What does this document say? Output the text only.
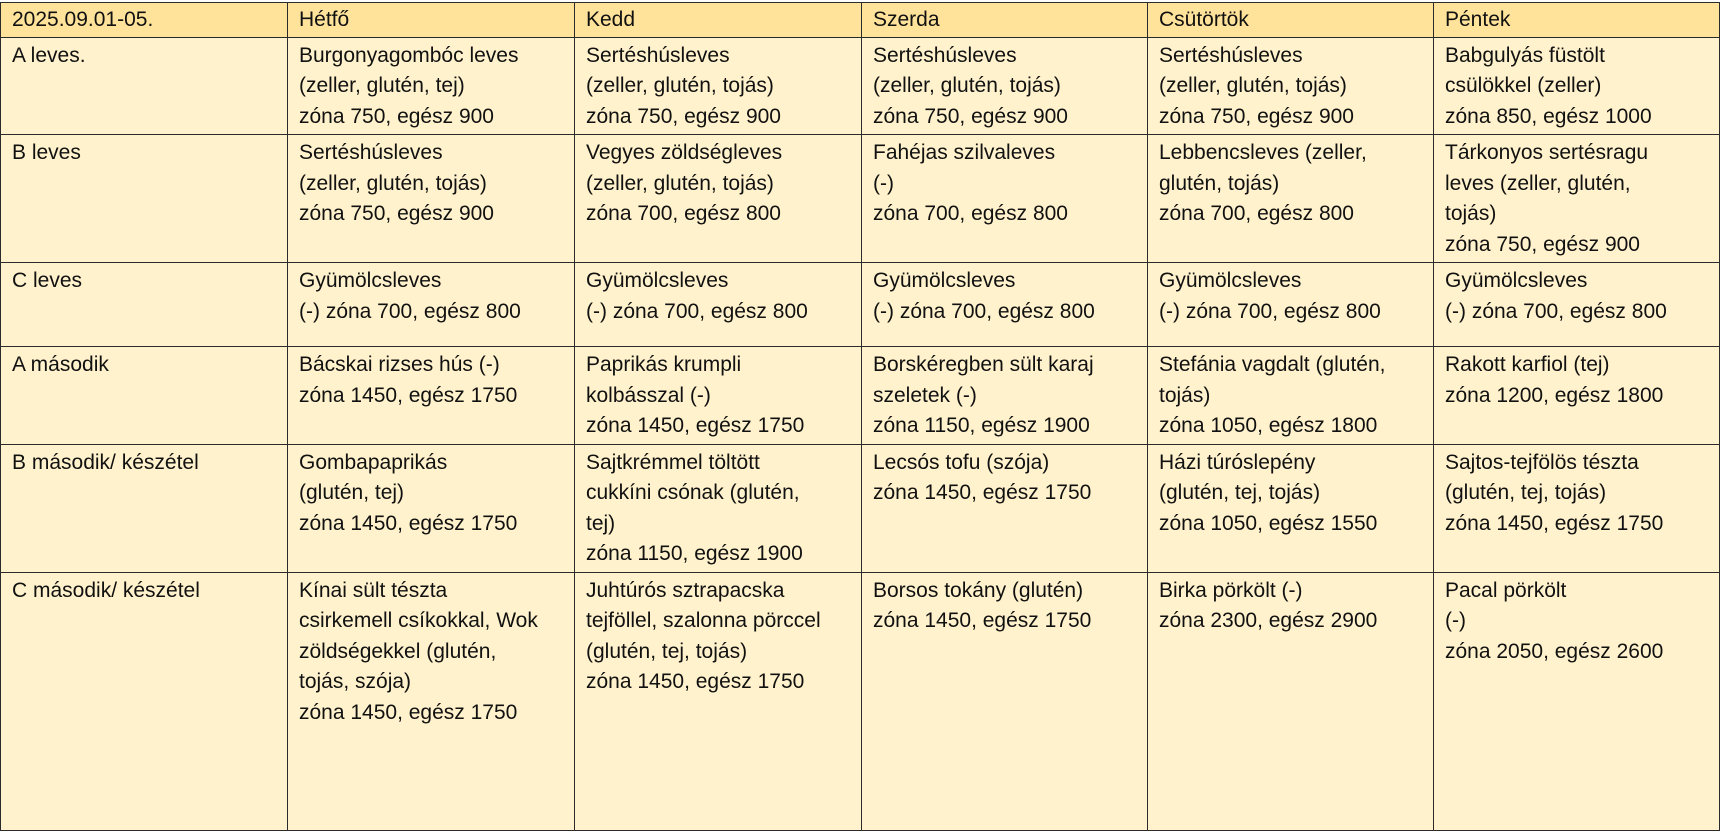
2025.09.01-05.	Hétfő	Kedd	Szerda	Csütörtök	Péntek
A leves.	Burgonyagombóc leves
(zeller, glutén, tej)
zóna 750, egész 900	Sertéshúsleves
(zeller, glutén, tojás)
zóna 750, egész 900	Sertéshúsleves
(zeller, glutén, tojás)
zóna 750, egész 900	Sertéshúsleves
(zeller, glutén, tojás)
zóna 750, egész 900	Babgulyás füstölt
csülökkel (zeller)
zóna 850, egész 1000

B leves	Sertéshúsleves
(zeller, glutén, tojás)
zóna 750, egész 900	Vegyes zöldségleves
(zeller, glutén, tojás)
zóna 700, egész 800	Fahéjas szilvaleves
(-)
zóna 700, egész 800	Lebbencsleves (zeller,
glutén, tojás)
zóna 700, egész 800	Tárkonyos sertésragu
leves (zeller, glutén,
tojás)
zóna 750, egész 900

C leves	Gyümölcsleves
(-) zóna 700, egész 800	Gyümölcsleves
(-) zóna 700, egész 800	Gyümölcsleves
(-) zóna 700, egész 800	Gyümölcsleves
(-) zóna 700, egész 800	Gyümölcsleves
(-) zóna 700, egész 800

A második	Bácskai rizses hús (-)
zóna 1450, egész 1750	Paprikás krumpli
kolbásszal (-)
zóna 1450, egész 1750	Borskéregben sült karaj
szeletek (-)
zóna 1150, egész 1900	Stefánia vagdalt (glutén,
tojás)
zóna 1050, egész 1800	Rakott karfiol (tej)
zóna 1200, egész 1800

B második/ készétel	Gombapaprikás
(glutén, tej)
zóna 1450, egész 1750	Sajtkrémmel töltött
cukkíni csónak (glutén,
tej)
zóna 1150, egész 1900	Lecsós tofu (szója)
zóna 1450, egész 1750	Házi túróslepény
(glutén, tej, tojás)
zóna 1050, egész 1550	Sajtos-tejfölös tészta
(glutén, tej, tojás)
zóna 1450, egész 1750

C második/ készétel	Kínai sült tészta
csirkemell csíkokkal, Wok
zöldségekkel (glutén,
tojás, szója)
zóna 1450, egész 1750	Juhtúrós sztrapacska
tejföllel, szalonna pörccel
(glutén, tej, tojás)
zóna 1450, egész 1750	Borsos tokány (glutén)
zóna 1450, egész 1750	Birka pörkölt (-)
zóna 2300, egész 2900	Pacal pörkölt
(-)
zóna 2050, egész 2600
